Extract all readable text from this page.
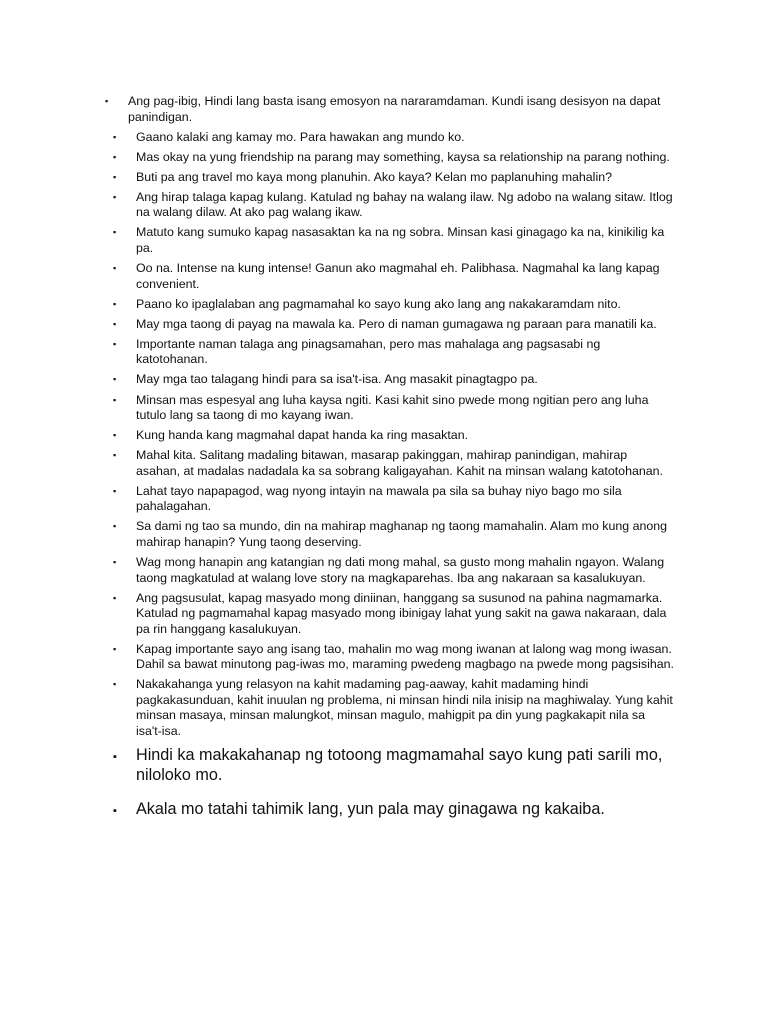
▪	Ang pag-ibig, Hindi lang basta isang emosyon na nararamdaman. Kundi isang desisyon na dapat panindigan.
▪	Gaano kalaki ang kamay mo. Para hawakan ang mundo ko.
▪	Mas okay na yung friendship na parang may something, kaysa sa relationship na parang nothing.
▪	Buti pa ang travel mo kaya mong planuhin. Ako kaya? Kelan mo paplanuhing mahalin?
▪	Ang hirap talaga kapag kulang. Katulad ng bahay na walang ilaw. Ng adobo na walang sitaw. Itlog na walang dilaw. At ako pag walang ikaw.
▪	Matuto kang sumuko kapag nasasaktan ka na ng sobra. Minsan kasi ginagago ka na, kinikilig ka pa.
▪	Oo na. Intense na kung intense! Ganun ako magmahal eh. Palibhasa. Nagmahal ka lang kapag convenient.
▪	Paano ko ipaglalaban ang pagmamahal ko sayo kung ako lang ang nakakaramdam nito.
▪	May mga taong di payag na mawala ka. Pero di naman gumagawa ng paraan para manatili ka.
▪	Importante naman talaga ang pinagsamahan, pero mas mahalaga ang pagsasabi ng katotohanan.
▪	May mga tao talagang hindi para sa isa't-isa. Ang masakit pinagtagpo pa.
▪	Minsan mas espesyal ang luha kaysa ngiti. Kasi kahit sino pwede mong ngitian pero ang luha tutulo lang sa taong di mo kayang iwan.
▪	Kung handa kang magmahal dapat handa ka ring masaktan.
▪	Mahal kita. Salitang madaling bitawan, masarap pakinggan, mahirap panindigan, mahirap asahan, at madalas nadadala ka sa sobrang kaligayahan. Kahit na minsan walang katotohanan.
▪	Lahat tayo napapagod, wag nyong intayin na mawala pa sila sa buhay niyo bago mo sila pahalagahan.
▪	Sa dami ng tao sa mundo, din na mahirap maghanap ng taong mamahalin. Alam mo kung anong mahirap hanapin? Yung taong deserving.
▪	Wag mong hanapin ang katangian ng dati mong mahal, sa gusto mong mahalin ngayon. Walang taong magkatulad at walang love story na magkaparehas. Iba ang nakaraan sa kasalukuyan.
▪	Ang pagsusulat, kapag masyado mong diniinan, hanggang sa susunod na pahina nagmamarka. Katulad ng pagmamahal kapag masyado mong ibinigay lahat yung sakit na gawa nakaraan, dala pa rin hanggang kasalukuyan.
▪	Kapag importante sayo ang isang tao, mahalin mo wag mong iwanan at lalong wag mong iwasan. Dahil sa bawat minutong pag-iwas mo, maraming pwedeng magbago na pwede mong pagsisihan.
▪	Nakakahanga yung relasyon na kahit madaming pag-aaway, kahit madaming hindi pagkakasunduan, kahit inuulan ng problema, ni minsan hindi nila inisip na maghiwalay. Yung kahit minsan masaya, minsan malungkot, minsan magulo, mahigpit pa din yung pagkakapit nila sa isa't-isa.
▪	Hindi ka makakahanap ng totoong magmamahal sayo kung pati sarili mo, niloloko mo.
▪	Akala mo tatahi tahimik lang, yun pala may ginagawa ng kakaiba.
